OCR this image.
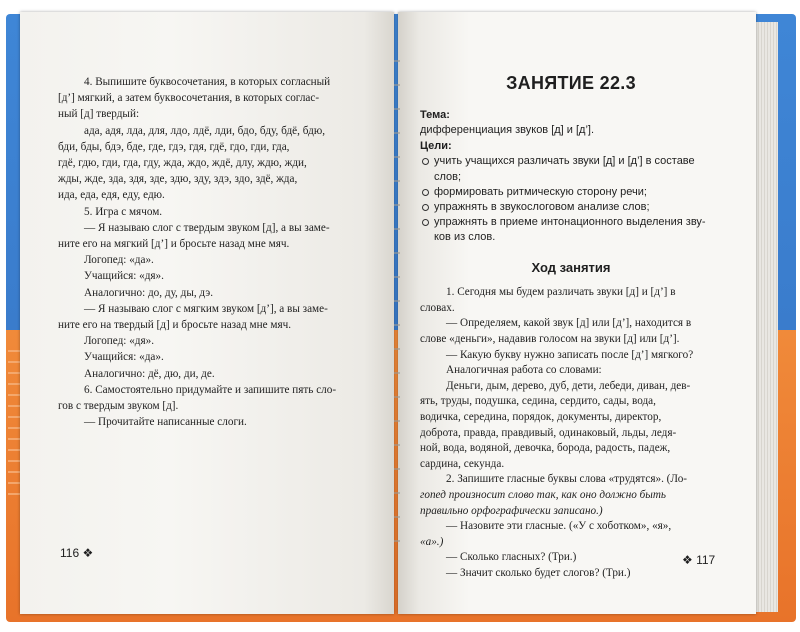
4. Выпишите буквосочетания, в которых согласный

[д’] мягкий, а затем буквосочетания, в которых соглас-

ный [д] твердый:

ада, адя, лда, для, лдо, лдё, лди, бдо, бду, бдё, бдю,

бди, бды, бдэ, бде, где, гдэ, гдя, гдё, гдо, гди, гда,

гдё, гдю, гди, гда, гду, жда, ждо, ждё, длу, ждю, жди,

жды, жде, зда, здя, зде, здю, зду, здэ, здо, здё, жда,

ида, еда, едя, еду, едю.

5. Игра с мячом.

— Я называю слог с твердым звуком [д], а вы заме-

ните его на мягкий [д’] и бросьте назад мне мяч.

Логопед: «да».

Учащийся: «дя».

Аналогично: до, ду, ды, дэ.

— Я называю слог с мягким звуком [д’], а вы заме-

ните его на твердый [д] и бросьте назад мне мяч.

Логопед: «дя».

Учащийся: «да».

Аналогично: дё, дю, ди, де.

6. Самостоятельно придумайте и запишите пять сло-

гов с твердым звуком [д].

— Прочитайте написанные слоги.

116 ❖
ЗАНЯТИЕ 22.3

Тема:

дифференциация звуков [д] и [д’].

Цели:

учить учащихся различать звуки [д] и [д’] в составе слов;
формировать ритмическую сторону речи;
упражнять в звукослоговом анализе слов;
упражнять в приеме интонационного выделения зву-ков из слов.
Ход занятия

1. Сегодня мы будем различать звуки [д] и [д’] в

словах.

— Определяем, какой звук [д] или [д’], находится в

слове «деньги», надавив голосом на звуки [д] или [д’].

— Какую букву нужно записать после [д’] мягкого?

Аналогичная работа со словами:

Деньги, дым, дерево, дуб, дети, лебеди, диван, дев-

ять, труды, подушка, седина, сердито, сады, вода,

водичка, середина, порядок, документы, директор,

доброта, правда, правдивый, одинаковый, льды, ледя-

ной, вода, водяной, девочка, борода, радость, падеж,

сардина, секунда.

2. Запишите гласные буквы слова «трудятся». (Ло-

гопед произносит слово так, как оно должно быть

правильно орфографически записано.)

— Назовите эти гласные. («У с хоботком», «я»,

«а».)

— Сколько гласных? (Три.)

— Значит сколько будет слогов? (Три.)

❖ 117
